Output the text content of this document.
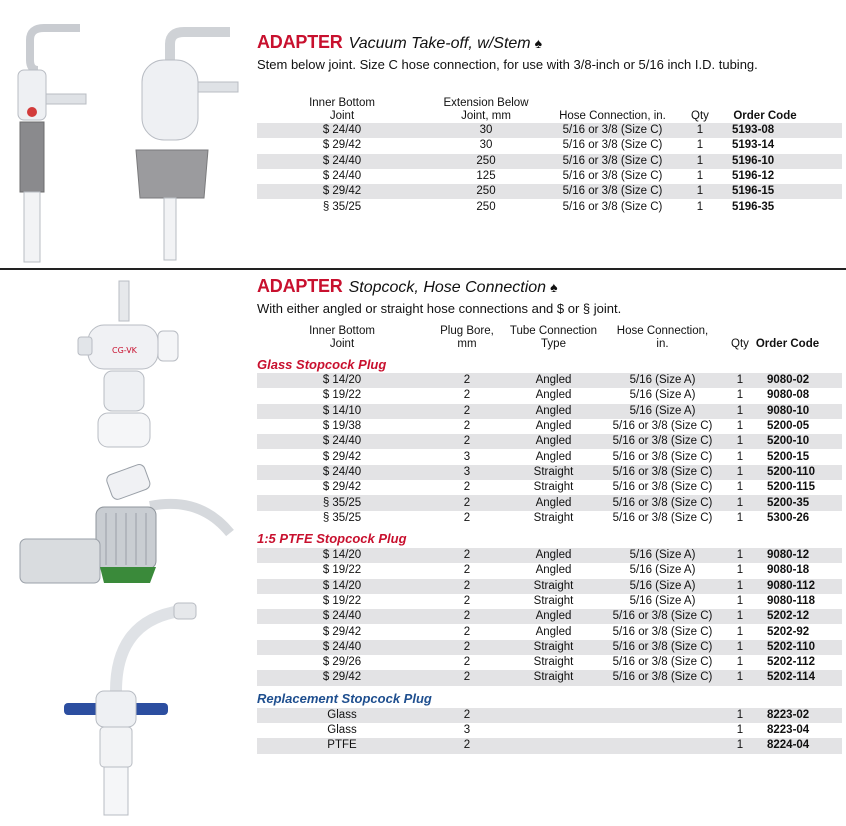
ADAPTER Vacuum Take-off, w/Stem ♠
Stem below joint. Size C hose connection, for use with 3/8-inch or 5/16 inch I.D. tubing.
Inner Bottom Joint	Extension Below Joint, mm	Hose Connection, in.	Qty	Order Code
$ 24/40	30	5/16 or 3/8 (Size C)	1	5193-08
$ 29/42	30	5/16 or 3/8 (Size C)	1	5193-14
$ 24/40	250	5/16 or 3/8 (Size C)	1	5196-10
$ 24/40	125	5/16 or 3/8 (Size C)	1	5196-12
$ 29/42	250	5/16 or 3/8 (Size C)	1	5196-15
§ 35/25	250	5/16 or 3/8 (Size C)	1	5196-35
CG-VK
ADAPTER Stopcock, Hose Connection ♠
With either angled or straight hose connections and $ or § joint.
Inner Bottom Joint	Plug Bore, mm	Tube Connection Type	Hose Connection, in.	Qty	Order Code
Glass Stopcock Plug					
$ 14/20	2	Angled	5/16 (Size A)	1	9080-02
$ 19/22	2	Angled	5/16 (Size A)	1	9080-08
$ 14/10	2	Angled	5/16 (Size A)	1	9080-10
$ 19/38	2	Angled	5/16 or 3/8 (Size C)	1	5200-05
$ 24/40	2	Angled	5/16 or 3/8 (Size C)	1	5200-10
$ 29/42	3	Angled	5/16 or 3/8 (Size C)	1	5200-15
$ 24/40	3	Straight	5/16 or 3/8 (Size C)	1	5200-110
$ 29/42	2	Straight	5/16 or 3/8 (Size C)	1	5200-115
§ 35/25	2	Angled	5/16 or 3/8 (Size C)	1	5200-35
§ 35/25	2	Straight	5/16 or 3/8 (Size C)	1	5300-26
1:5 PTFE Stopcock Plug					
$ 14/20	2	Angled	5/16 (Size A)	1	9080-12
$ 19/22	2	Angled	5/16 (Size A)	1	9080-18
$ 14/20	2	Straight	5/16 (Size A)	1	9080-112
$ 19/22	2	Straight	5/16 (Size A)	1	9080-118
$ 24/40	2	Angled	5/16 or 3/8 (Size C)	1	5202-12
$ 29/42	2	Angled	5/16 or 3/8 (Size C)	1	5202-92
$ 24/40	2	Straight	5/16 or 3/8 (Size C)	1	5202-110
$ 29/26	2	Straight	5/16 or 3/8 (Size C)	1	5202-112
$ 29/42	2	Straight	5/16 or 3/8 (Size C)	1	5202-114
Replacement Stopcock Plug					
Glass	2			1	8223-02
Glass	3			1	8223-04
PTFE	2			1	8224-04
